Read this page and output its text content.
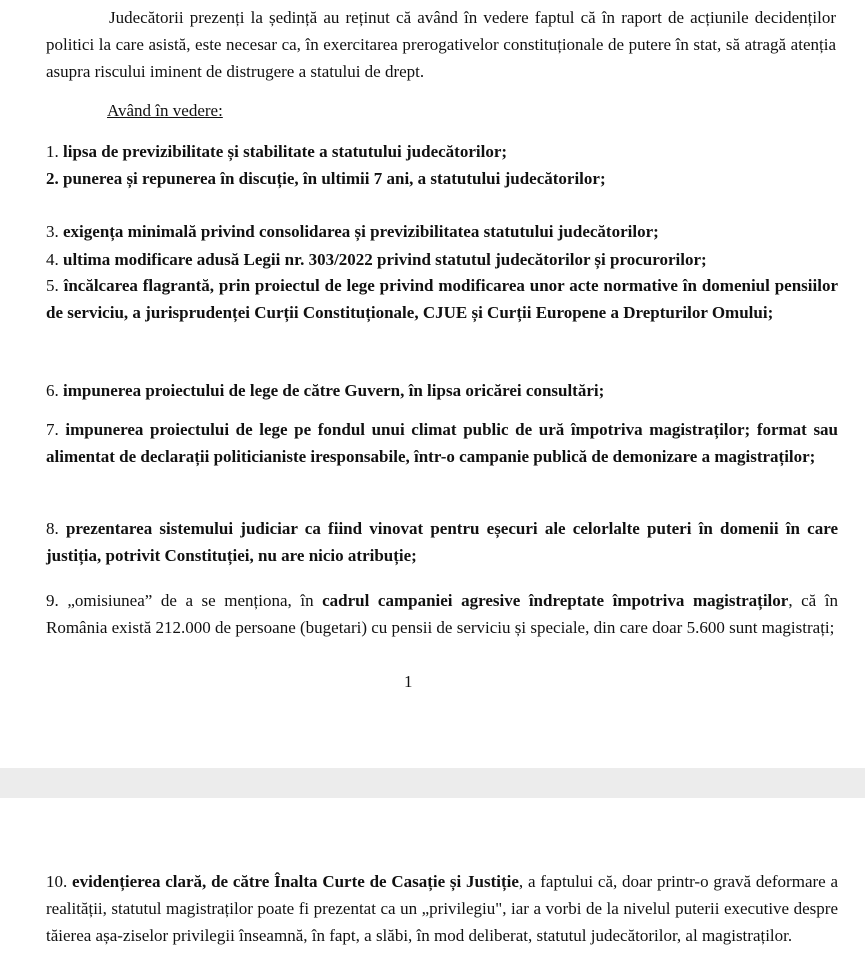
Judecătorii prezenți la ședință au reținut că având în vedere faptul că în raport de acțiunile decidenților politici la care asistă, este necesar ca, în exercitarea prerogativelor constituționale de putere în stat, să atragă atenția asupra riscului iminent de distrugere a statului de drept.

Având în vedere:

1. lipsa de previzibilitate și stabilitate a statutului judecătorilor;
2. punerea și repunerea în discuție, în ultimii 7 ani, a statutului judecătorilor;
3. exigența minimală privind consolidarea și previzibilitatea statutului judecătorilor;
4. ultima modificare adusă Legii nr. 303/2022 privind statutul judecătorilor și procurorilor;
5. încălcarea flagrantă, prin proiectul de lege privind modificarea unor acte normative în domeniul pensiilor de serviciu, a jurisprudenței Curții Constituționale, CJUE și Curții Europene a Drepturilor Omului;
6. impunerea proiectului de lege de către Guvern, în lipsa oricărei consultări;
7. impunerea proiectului de lege pe fondul unui climat public de ură împotriva magistraților; format sau alimentat de declarații politicianiste iresponsabile, într-o campanie publică de demonizare a magistraților;
8. prezentarea sistemului judiciar ca fiind vinovat pentru eșecuri ale celorlalte puteri în domenii în care justiția, potrivit Constituției, nu are nicio atribuție;
9. „omisiunea” de a se menționa, în cadrul campaniei agresive îndreptate împotriva magistraților, că în România există 212.000 de persoane (bugetari) cu pensii de serviciu și speciale, din care doar 5.600 sunt magistrați;
1
10. evidențierea clară, de către Înalta Curte de Casație și Justiție, a faptului că, doar printr-o gravă deformare a realității, statutul magistraților poate fi prezentat ca un „privilegiu", iar a vorbi de la nivelul puterii executive despre tăierea așa-ziselor privilegii înseamnă, în fapt, a slăbi, în mod deliberat, statutul judecătorilor, al magistraților.
